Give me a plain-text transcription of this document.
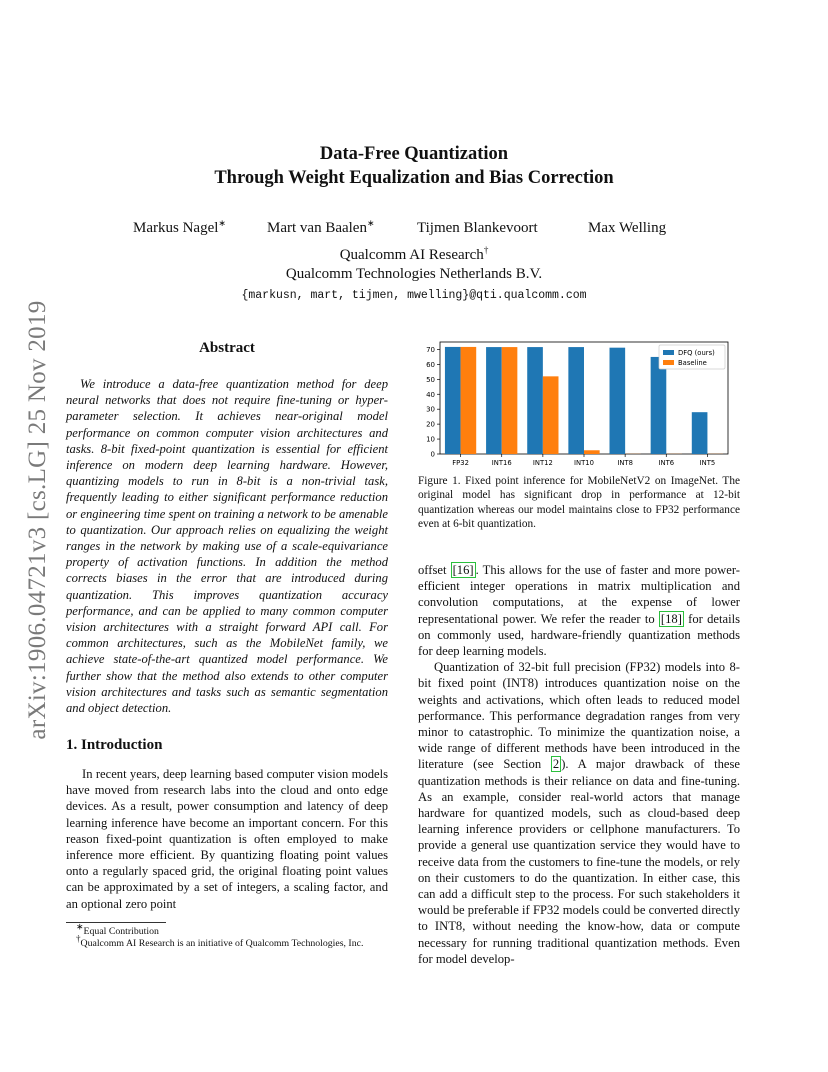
arXiv:1906.04721v3 [cs.LG] 25 Nov 2019
Data-Free Quantization
Through Weight Equalization and Bias Correction
Markus Nagel∗	Mart van Baalen∗	Tijmen Blankevoort	Max Welling
Qualcomm AI Research†
Qualcomm Technologies Netherlands B.V.
{markusn, mart, tijmen, mwelling}@qti.qualcomm.com
Abstract

We introduce a data-free quantization method for deep neural networks that does not require fine-tuning or hyper-parameter selection. It achieves near-original model performance on common computer vision architectures and tasks. 8-bit fixed-point quantization is essential for efficient inference on modern deep learning hardware. However, quantizing models to run in 8-bit is a non-trivial task, frequently leading to either significant performance reduction or engineering time spent on training a network to be amenable to quantization. Our approach relies on equalizing the weight ranges in the network by making use of a scale-equivariance property of activation functions. In addition the method corrects biases in the error that are introduced during quantization. This improves quantization accuracy performance, and can be applied to many common computer vision architectures with a straight forward API call. For common architectures, such as the MobileNet family, we achieve state-of-the-art quantized model performance. We further show that the method also extends to other computer vision architectures and tasks such as semantic segmentation and object detection.

1. Introduction

In recent years, deep learning based computer vision models have moved from research labs into the cloud and onto edge devices. As a result, power consumption and latency of deep learning inference have become an important concern. For this reason fixed-point quantization is often employed to make inference more efficient. By quantizing floating point values onto a regularly spaced grid, the original floating point values can be approximated by a set of integers, a scaling factor, and an optional zero point

∗Equal Contribution
†Qualcomm AI Research is an initiative of Qualcomm Technologies, Inc.
0
10
20
30
40
50
60
70
FP32	INT16	INT12	INT10	INT8	INT6	INT5
DFQ (ours)
Baseline
Figure 1. Fixed point inference for MobileNetV2 on ImageNet. The original model has significant drop in performance at 12-bit quantization whereas our model maintains close to FP32 performance even at 6-bit quantization.

offset [16] . This allows for the use of faster and more power-efficient integer operations in matrix multiplication and convolution computations, at the expense of lower representational power. We refer the reader to [18] for details on commonly used, hardware-friendly quantization methods for deep learning models.

Quantization of 32-bit full precision (FP32) models into 8-bit fixed point (INT8) introduces quantization noise on the weights and activations, which often leads to reduced model performance. This performance degradation ranges from very minor to catastrophic. To minimize the quantization noise, a wide range of different methods have been introduced in the literature (see Section 2 ). A major drawback of these quantization methods is their reliance on data and fine-tuning. As an example, consider real-world actors that manage hardware for quantized models, such as cloud-based deep learning inference providers or cellphone manufacturers. To provide a general use quantization service they would have to receive data from the customers to fine-tune the models, or rely on their customers to do the quantization. In either case, this can add a difficult step to the process. For such stakeholders it would be preferable if FP32 models could be converted directly to INT8, without needing the know-how, data or compute necessary for running traditional quantization methods. Even for model develop-
